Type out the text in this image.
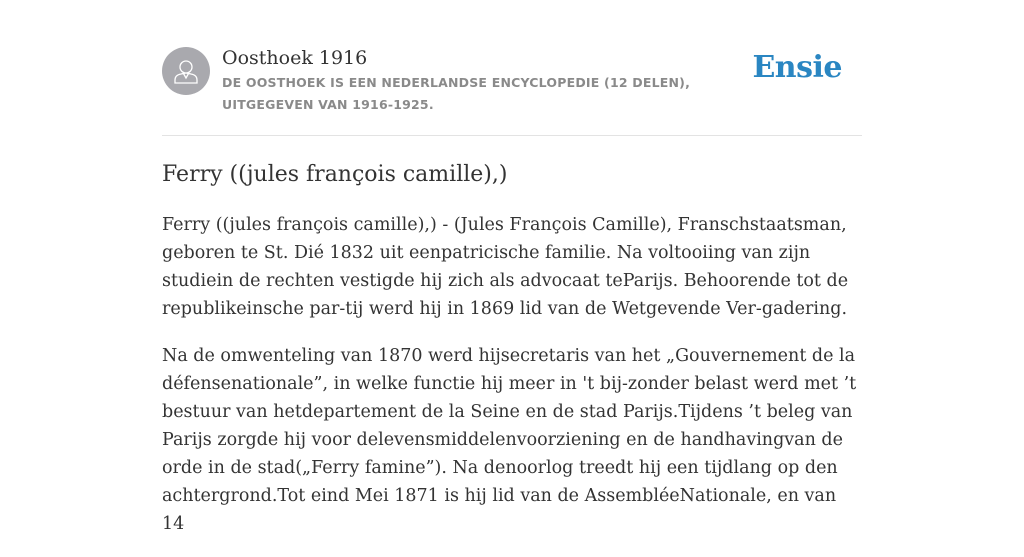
Oosthoek 1916
DE OOSTHOEK IS EEN NEDERLANDSE ENCYCLOPEDIE (12 DELEN), UITGEGEVEN VAN 1916-1925.
Ensie
Ferry ((jules françois camille),)

Ferry ((jules françois camille),) - (Jules François Camille), Franschstaatsman, geboren te St. Dié 1832 uit eenpatricische familie. Na voltooiing van zijn studiein de rechten vestigde hij zich als advocaat teParijs. Behoorende tot de republikeinsche par-tij werd hij in 1869 lid van de Wetgevende Ver-gadering.

Na de omwenteling van 1870 werd hijsecretaris van het „Gouvernement de la défensenationale”, in welke functie hij meer in 't bij-zonder belast werd met ’t bestuur van hetdepartement de la Seine en de stad Parijs.Tijdens ’t beleg van Parijs zorgde hij voor delevensmiddelenvoorziening en de handhavingvan de orde in de stad(„Ferry famine”). Na denoorlog treedt hij een tijdlang op den achtergrond.Tot eind Mei 1871 is hij lid van de AssembléeNationale, en van 14
